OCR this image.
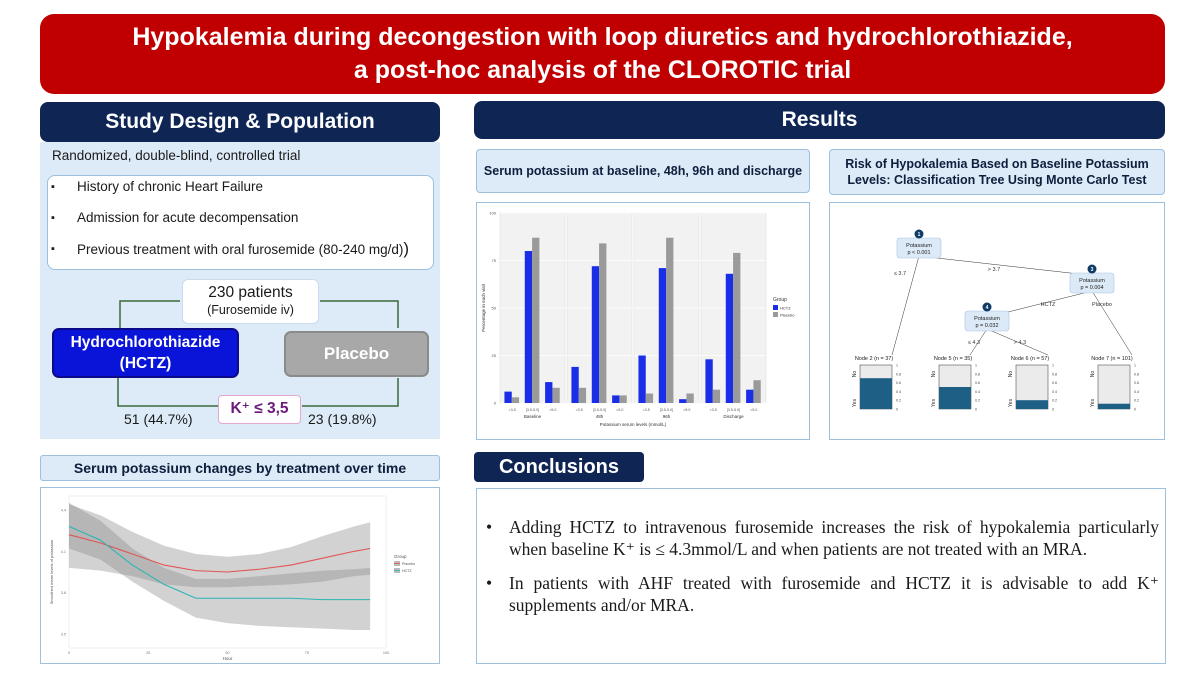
Hypokalemia during decongestion with loop diuretics and hydrochlorothiazide,
a post-hoc analysis of the CLOROTIC trial
Study Design & Population
Randomized, double-blind, controlled trial
▪ History of chronic Heart Failure
▪ Admission for acute decompensation
▪ Previous treatment with oral furosemide (80-240 mg/d))
230 patients
(Furosemide iv)
Hydrochlorothiazide
(HCTZ)
Placebo
51 (44.7%)
K⁺ ≤ 3,5
23 (19.8%)
Serum potassium changes by treatment over time
Smoothed mean levels of potassium
3.5
3.8
4.1
4.4
0	25	50	75	100
Hour
Group
Placebo
HCTZ
Results
Serum potassium at baseline, 48h, 96h and discharge
Percentage in each visit
0
25
50
75
100
<3.5	[3.5-5.0]	>5.0
Baseline
<3.5	[3.5-5.0]	>5.0
48h
<3.5	[3.5-5.0]	>5.0
96h
<3.5	[3.5-5.0]	>5.0
Discharge
Potassium serum levels (mmol/L)
Group
HCTZ
Placebo
Risk of Hypokalemia Based on Baseline Potassium
Levels: Classification Tree Using Monte Carlo Test
1
Potassium
p < 0.001
3
Potassium
p = 0.004
4
Potassium
p = 0.032
≤ 3.7
> 3.7
HCTZ	Placebo
≤ 4.3	> 4.3
Node 2 (n = 37)
No
Yes
0
0.2
0.4
0.6
0.8
1
Node 5 (n = 35)
No
Yes
0
0.2
0.4
0.6
0.8
1
Node 6 (n = 57)
No
Yes
0
0.2
0.4
0.6
0.8
1
Node 7 (n = 101)
No
Yes
0
0.2
0.4
0.6
0.8
1
Conclusions
• Adding HCTZ to intravenous furosemide increases the risk of hypokalemia particularly when baseline K⁺ is ≤ 4.3mmol/L and when patients are not treated with an MRA.
• In patients with AHF treated with furosemide and HCTZ it is advisable to add K⁺ supplements and/or MRA.
